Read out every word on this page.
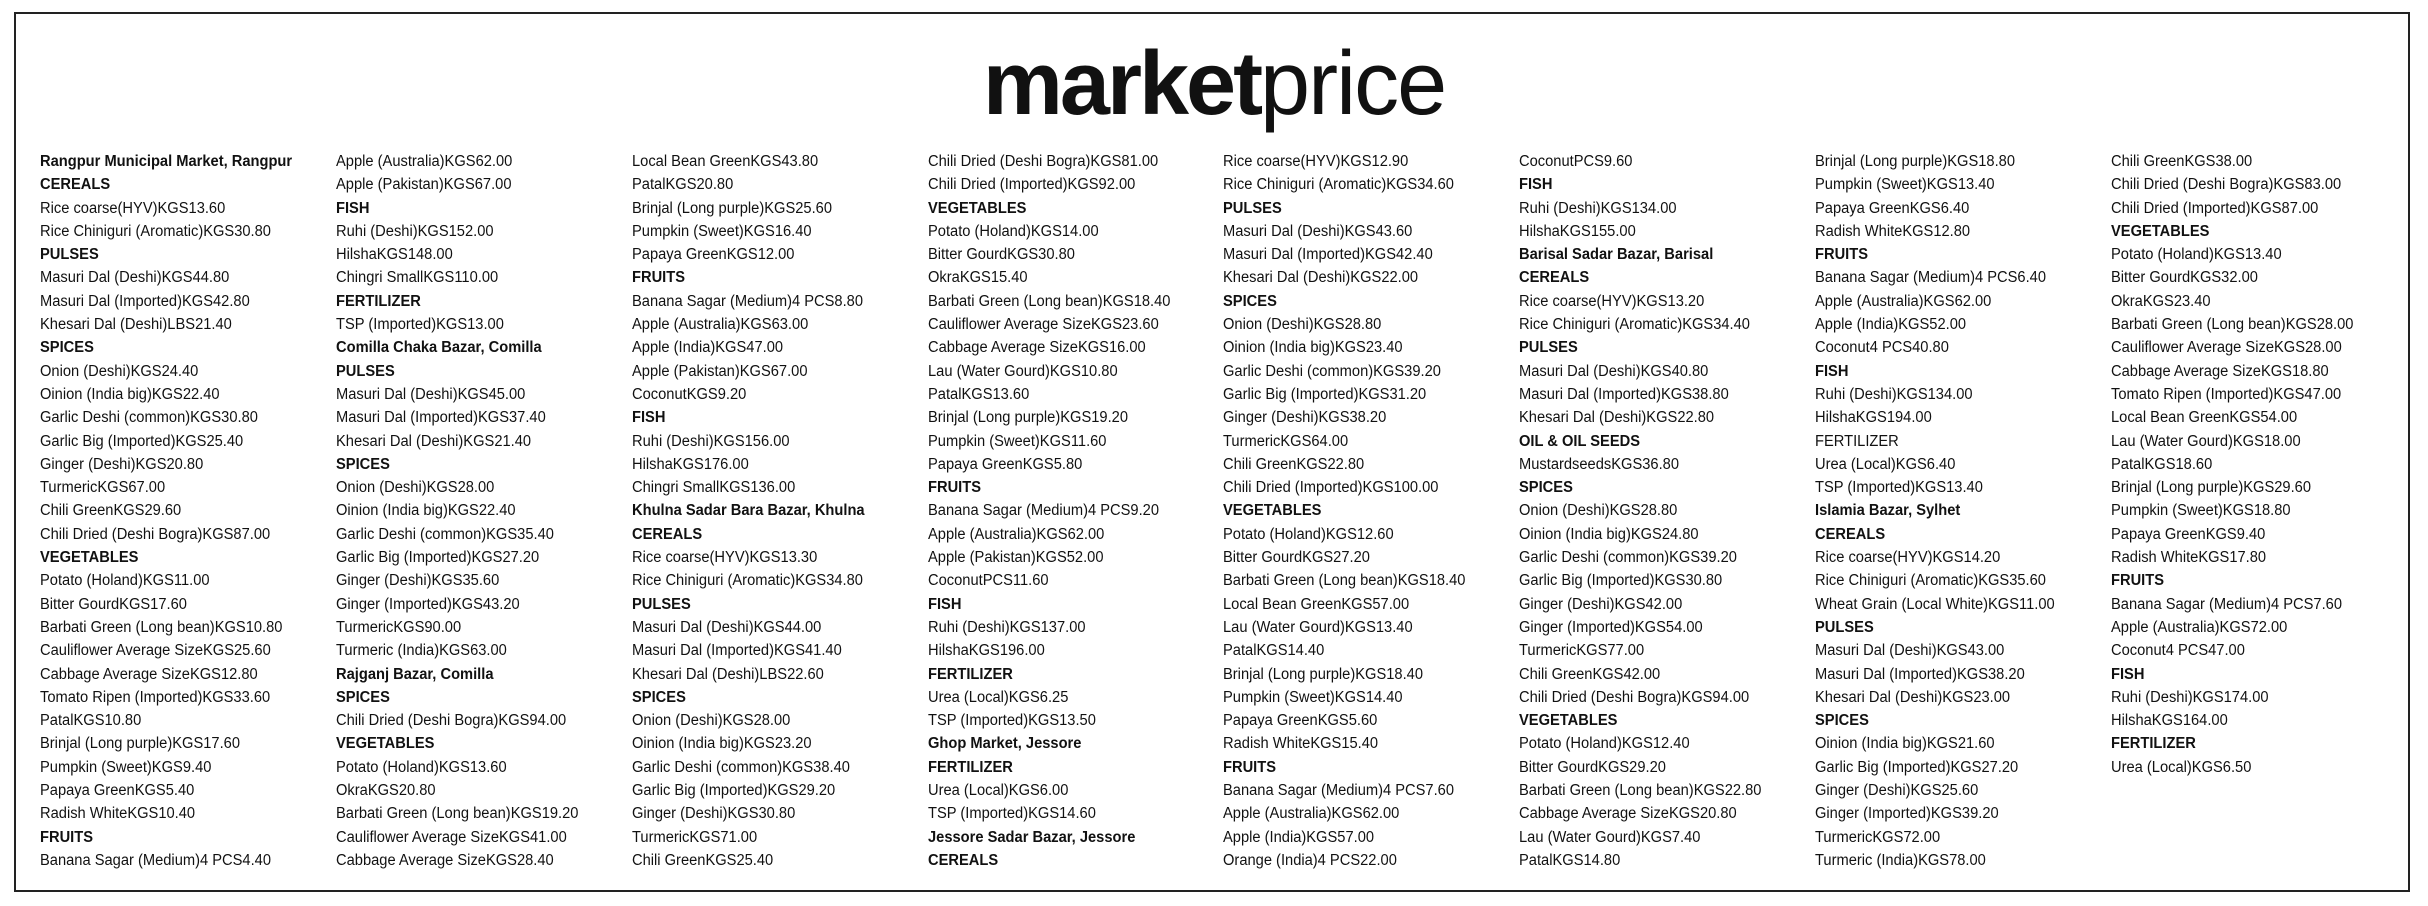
marketprice
Rangpur Municipal Market, Rangpur
CEREALS
Rice coarse(HYV)KGS13.60
Rice Chiniguri (Aromatic)KGS30.80
PULSES
Masuri Dal (Deshi)KGS44.80
Masuri Dal (Imported)KGS42.80
Khesari Dal (Deshi)LBS21.40
SPICES
Onion (Deshi)KGS24.40
Oinion (India big)KGS22.40
Garlic Deshi (common)KGS30.80
Garlic Big (Imported)KGS25.40
Ginger (Deshi)KGS20.80
TurmericKGS67.00
Chili GreenKGS29.60
Chili Dried (Deshi Bogra)KGS87.00
VEGETABLES
Potato (Holand)KGS11.00
Bitter GourdKGS17.60
Barbati Green (Long bean)KGS10.80
Cauliflower Average SizeKGS25.60
Cabbage Average SizeKGS12.80
Tomato Ripen (Imported)KGS33.60
PatalKGS10.80
Brinjal (Long purple)KGS17.60
Pumpkin (Sweet)KGS9.40
Papaya GreenKGS5.40
Radish WhiteKGS10.40
FRUITS
Banana Sagar (Medium)4 PCS4.40
Apple (Australia)KGS62.00
Apple (Pakistan)KGS67.00
FISH
Ruhi (Deshi)KGS152.00
HilshaKGS148.00
Chingri SmallKGS110.00
FERTILIZER
TSP (Imported)KGS13.00
Comilla Chaka Bazar, Comilla
PULSES
Masuri Dal (Deshi)KGS45.00
Masuri Dal (Imported)KGS37.40
Khesari Dal (Deshi)KGS21.40
SPICES
Onion (Deshi)KGS28.00
Oinion (India big)KGS22.40
Garlic Deshi (common)KGS35.40
Garlic Big (Imported)KGS27.20
Ginger (Deshi)KGS35.60
Ginger (Imported)KGS43.20
TurmericKGS90.00
Turmeric (India)KGS63.00
Rajganj Bazar, Comilla
SPICES
Chili Dried (Deshi Bogra)KGS94.00
VEGETABLES
Potato (Holand)KGS13.60
OkraKGS20.80
Barbati Green (Long bean)KGS19.20
Cauliflower Average SizeKGS41.00
Cabbage Average SizeKGS28.40
Local Bean GreenKGS43.80
PatalKGS20.80
Brinjal (Long purple)KGS25.60
Pumpkin (Sweet)KGS16.40
Papaya GreenKGS12.00
FRUITS
Banana Sagar (Medium)4 PCS8.80
Apple (Australia)KGS63.00
Apple (India)KGS47.00
Apple (Pakistan)KGS67.00
CoconutKGS9.20
FISH
Ruhi (Deshi)KGS156.00
HilshaKGS176.00
Chingri SmallKGS136.00
Khulna Sadar Bara Bazar, Khulna
CEREALS
Rice coarse(HYV)KGS13.30
Rice Chiniguri (Aromatic)KGS34.80
PULSES
Masuri Dal (Deshi)KGS44.00
Masuri Dal (Imported)KGS41.40
Khesari Dal (Deshi)LBS22.60
SPICES
Onion (Deshi)KGS28.00
Oinion (India big)KGS23.20
Garlic Deshi (common)KGS38.40
Garlic Big (Imported)KGS29.20
Ginger (Deshi)KGS30.80
TurmericKGS71.00
Chili GreenKGS25.40
Chili Dried (Deshi Bogra)KGS81.00
Chili Dried (Imported)KGS92.00
VEGETABLES
Potato (Holand)KGS14.00
Bitter GourdKGS30.80
OkraKGS15.40
Barbati Green (Long bean)KGS18.40
Cauliflower Average SizeKGS23.60
Cabbage Average SizeKGS16.00
Lau (Water Gourd)KGS10.80
PatalKGS13.60
Brinjal (Long purple)KGS19.20
Pumpkin (Sweet)KGS11.60
Papaya GreenKGS5.80
FRUITS
Banana Sagar (Medium)4 PCS9.20
Apple (Australia)KGS62.00
Apple (Pakistan)KGS52.00
CoconutPCS11.60
FISH
Ruhi (Deshi)KGS137.00
HilshaKGS196.00
FERTILIZER
Urea (Local)KGS6.25
TSP (Imported)KGS13.50
Ghop Market, Jessore
FERTILIZER
Urea (Local)KGS6.00
TSP (Imported)KGS14.60
Jessore Sadar Bazar, Jessore
CEREALS
Rice coarse(HYV)KGS12.90
Rice Chiniguri (Aromatic)KGS34.60
PULSES
Masuri Dal (Deshi)KGS43.60
Masuri Dal (Imported)KGS42.40
Khesari Dal (Deshi)KGS22.00
SPICES
Onion (Deshi)KGS28.80
Oinion (India big)KGS23.40
Garlic Deshi (common)KGS39.20
Garlic Big (Imported)KGS31.20
Ginger (Deshi)KGS38.20
TurmericKGS64.00
Chili GreenKGS22.80
Chili Dried (Imported)KGS100.00
VEGETABLES
Potato (Holand)KGS12.60
Bitter GourdKGS27.20
Barbati Green (Long bean)KGS18.40
Local Bean GreenKGS57.00
Lau (Water Gourd)KGS13.40
PatalKGS14.40
Brinjal (Long purple)KGS18.40
Pumpkin (Sweet)KGS14.40
Papaya GreenKGS5.60
Radish WhiteKGS15.40
FRUITS
Banana Sagar (Medium)4 PCS7.60
Apple (Australia)KGS62.00
Apple (India)KGS57.00
Orange (India)4 PCS22.00
CoconutPCS9.60
FISH
Ruhi (Deshi)KGS134.00
HilshaKGS155.00
Barisal Sadar Bazar, Barisal
CEREALS
Rice coarse(HYV)KGS13.20
Rice Chiniguri (Aromatic)KGS34.40
PULSES
Masuri Dal (Deshi)KGS40.80
Masuri Dal (Imported)KGS38.80
Khesari Dal (Deshi)KGS22.80
OIL & OIL SEEDS
MustardseedsKGS36.80
SPICES
Onion (Deshi)KGS28.80
Oinion (India big)KGS24.80
Garlic Deshi (common)KGS39.20
Garlic Big (Imported)KGS30.80
Ginger (Deshi)KGS42.00
Ginger (Imported)KGS54.00
TurmericKGS77.00
Chili GreenKGS42.00
Chili Dried (Deshi Bogra)KGS94.00
VEGETABLES
Potato (Holand)KGS12.40
Bitter GourdKGS29.20
Barbati Green (Long bean)KGS22.80
Cabbage Average SizeKGS20.80
Lau (Water Gourd)KGS7.40
PatalKGS14.80
Brinjal (Long purple)KGS18.80
Pumpkin (Sweet)KGS13.40
Papaya GreenKGS6.40
Radish WhiteKGS12.80
FRUITS
Banana Sagar (Medium)4 PCS6.40
Apple (Australia)KGS62.00
Apple (India)KGS52.00
Coconut4 PCS40.80
FISH
Ruhi (Deshi)KGS134.00
HilshaKGS194.00
FERTILIZER
Urea (Local)KGS6.40
TSP (Imported)KGS13.40
Islamia Bazar, Sylhet
CEREALS
Rice coarse(HYV)KGS14.20
Rice Chiniguri (Aromatic)KGS35.60
Wheat Grain (Local White)KGS11.00
PULSES
Masuri Dal (Deshi)KGS43.00
Masuri Dal (Imported)KGS38.20
Khesari Dal (Deshi)KGS23.00
SPICES
Oinion (India big)KGS21.60
Garlic Big (Imported)KGS27.20
Ginger (Deshi)KGS25.60
Ginger (Imported)KGS39.20
TurmericKGS72.00
Turmeric (India)KGS78.00
Chili GreenKGS38.00
Chili Dried (Deshi Bogra)KGS83.00
Chili Dried (Imported)KGS87.00
VEGETABLES
Potato (Holand)KGS13.40
Bitter GourdKGS32.00
OkraKGS23.40
Barbati Green (Long bean)KGS28.00
Cauliflower Average SizeKGS28.00
Cabbage Average SizeKGS18.80
Tomato Ripen (Imported)KGS47.00
Local Bean GreenKGS54.00
Lau (Water Gourd)KGS18.00
PatalKGS18.60
Brinjal (Long purple)KGS29.60
Pumpkin (Sweet)KGS18.80
Papaya GreenKGS9.40
Radish WhiteKGS17.80
FRUITS
Banana Sagar (Medium)4 PCS7.60
Apple (Australia)KGS72.00
Coconut4 PCS47.00
FISH
Ruhi (Deshi)KGS174.00
HilshaKGS164.00
FERTILIZER
Urea (Local)KGS6.50
